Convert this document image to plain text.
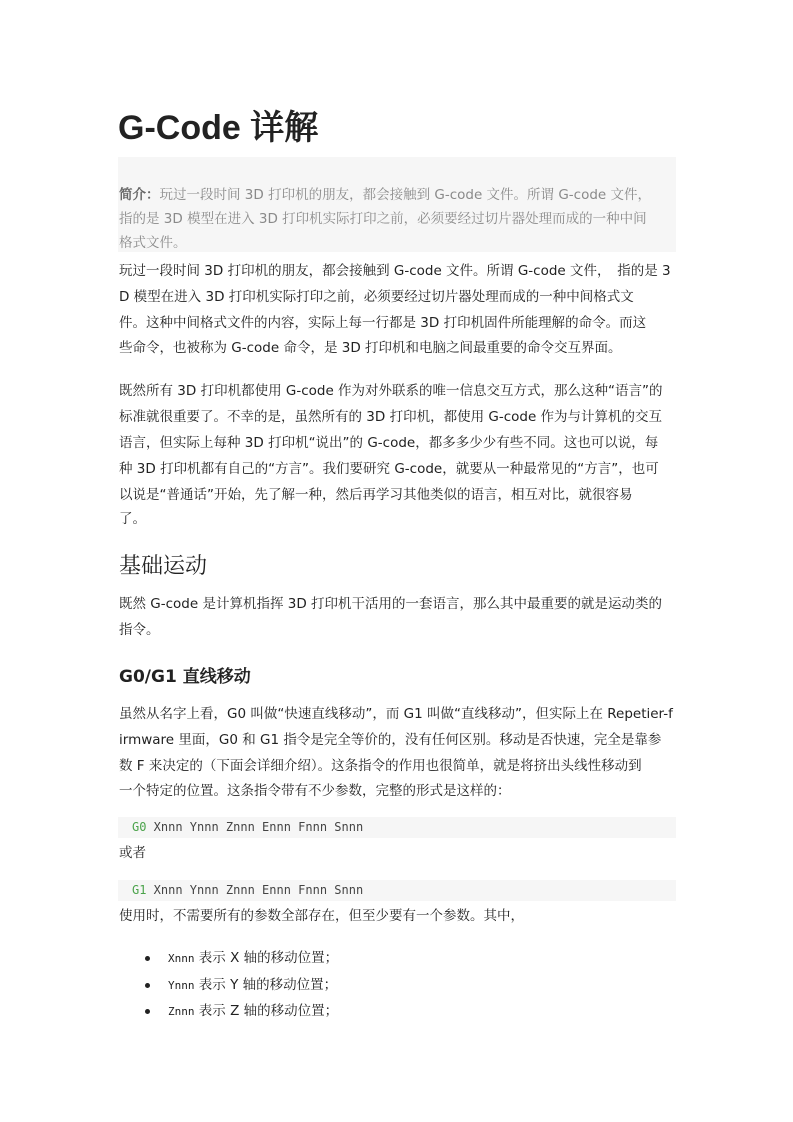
G-Code 详解
简介：玩过一段时间 3D 打印机的朋友，都会接触到 G-code 文件。所谓 G-code 文件，
指的是 3D 模型在进入 3D 打印机实际打印之前，必须要经过切片器处理而成的一种中间
格式文件。
玩过一段时间 3D 打印机的朋友，都会接触到 G-code 文件。所谓 G-code 文件，　指的是 3
D 模型在进入 3D 打印机实际打印之前，必须要经过切片器处理而成的一种中间格式文
件。这种中间格式文件的内容，实际上每一行都是 3D 打印机固件所能理解的命令。而这
些命令，也被称为 G-code 命令，是 3D 打印机和电脑之间最重要的命令交互界面。
既然所有 3D 打印机都使用 G-code 作为对外联系的唯一信息交互方式，那么这种“语言”的
标准就很重要了。不幸的是，虽然所有的 3D 打印机，都使用 G-code 作为与计算机的交互
语言，但实际上每种 3D 打印机“说出”的 G-code，都多多少少有些不同。这也可以说，每
种 3D 打印机都有自己的“方言”。我们要研究 G-code，就要从一种最常见的“方言”，也可
以说是“普通话”开始，先了解一种，然后再学习其他类似的语言，相互对比，就很容易
了。
基础运动
既然 G-code 是计算机指挥 3D 打印机干活用的一套语言，那么其中最重要的就是运动类的
指令。
G0/G1 直线移动
虽然从名字上看，G0 叫做“快速直线移动”，而 G1 叫做“直线移动”，但实际上在 Repetier-f
irmware 里面，G0 和 G1 指令是完全等价的，没有任何区别。移动是否快速，完全是靠参
数 F 来决定的（下面会详细介绍）。这条指令的作用也很简单，就是将挤出头线性移动到
一个特定的位置。这条指令带有不少参数，完整的形式是这样的：
G0 Xnnn Ynnn Znnn Ennn Fnnn Snnn
或者
G1 Xnnn Ynnn Znnn Ennn Fnnn Snnn
使用时，不需要所有的参数全部存在，但至少要有一个参数。其中，
Xnnn 表示 X 轴的移动位置；
Ynnn 表示 Y 轴的移动位置；
Znnn 表示 Z 轴的移动位置；
